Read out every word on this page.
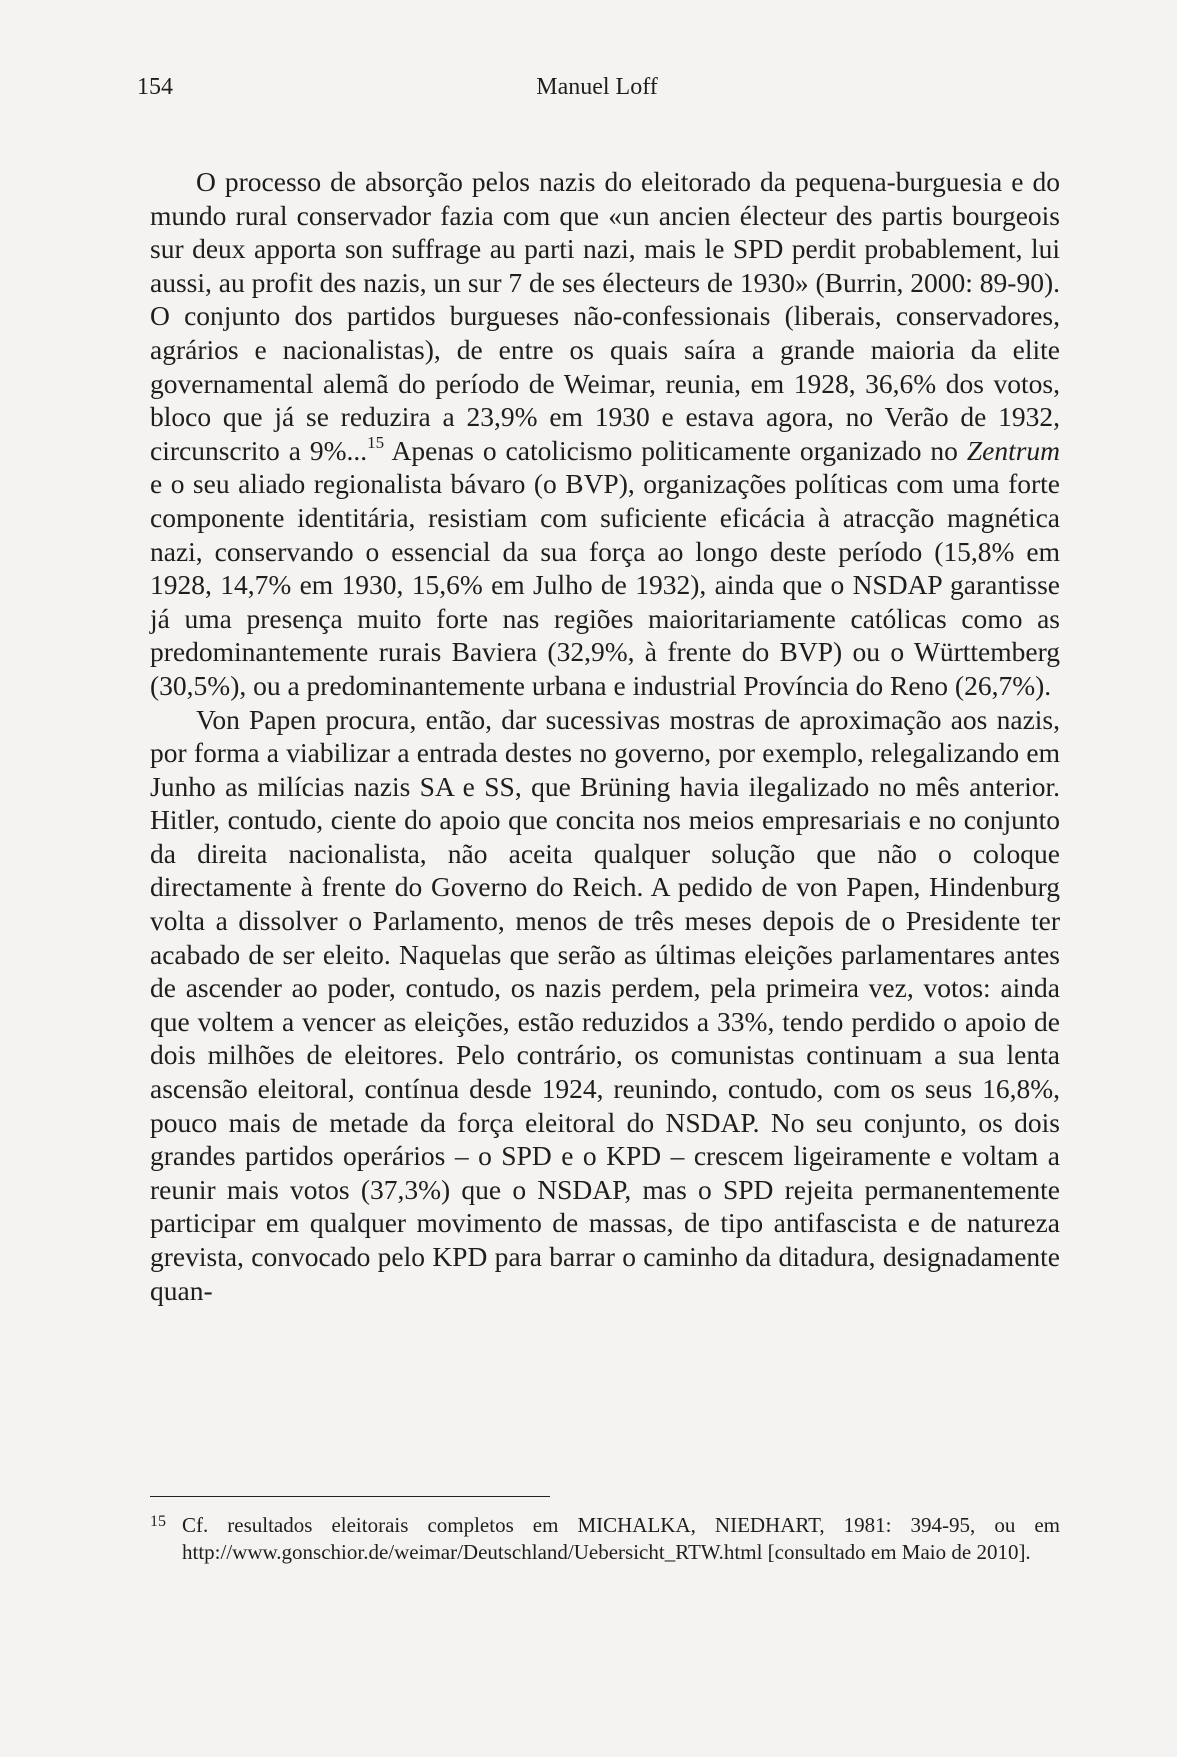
154	Manuel Loff

O processo de absorção pelos nazis do eleitorado da pequena-burguesia e do mundo rural conservador fazia com que «un ancien électeur des partis bourgeois sur deux apporta son suffrage au parti nazi, mais le SPD perdit probablement, lui aussi, au profit des nazis, un sur 7 de ses électeurs de 1930» (Burrin, 2000: 89-90). O conjunto dos partidos burgueses não-confessionais (liberais, conservadores, agrários e nacionalistas), de entre os quais saíra a grande maioria da elite governamental alemã do período de Weimar, reunia, em 1928, 36,6% dos votos, bloco que já se reduzira a 23,9% em 1930 e estava agora, no Verão de 1932, circunscrito a 9%...$^{15}$ Apenas o catolicismo politicamente organizado no Zentrum e o seu aliado regionalista bávaro (o BVP), organizações políticas com uma forte componente identitária, resistiam com suficiente eficácia à atracção magnética nazi, conservando o essencial da sua força ao longo deste período (15,8% em 1928, 14,7% em 1930, 15,6% em Julho de 1932), ainda que o NSDAP garantisse já uma presença muito forte nas regiões maioritariamente católicas como as predominantemente rurais Baviera (32,9%, à frente do BVP) ou o Württemberg (30,5%), ou a predominantemente urbana e industrial Província do Reno (26,7%).

Von Papen procura, então, dar sucessivas mostras de aproximação aos nazis, por forma a viabilizar a entrada destes no governo, por exemplo, relegalizando em Junho as milícias nazis SA e SS, que Brüning havia ilegalizado no mês anterior. Hitler, contudo, ciente do apoio que concita nos meios empresariais e no conjunto da direita nacionalista, não aceita qualquer solução que não o coloque directamente à frente do Governo do Reich. A pedido de von Papen, Hindenburg volta a dissolver o Parlamento, menos de três meses depois de o Presidente ter acabado de ser eleito. Naquelas que serão as últimas eleições parlamentares antes de ascender ao poder, contudo, os nazis perdem, pela primeira vez, votos: ainda que voltem a vencer as eleições, estão reduzidos a 33%, tendo perdido o apoio de dois milhões de eleitores. Pelo contrário, os comunistas continuam a sua lenta ascensão eleitoral, contínua desde 1924, reunindo, contudo, com os seus 16,8%, pouco mais de metade da força eleitoral do NSDAP. No seu conjunto, os dois grandes partidos operários – o SPD e o KPD – crescem ligeiramente e voltam a reunir mais votos (37,3%) que o NSDAP, mas o SPD rejeita permanentemente participar em qualquer movimento de massas, de tipo antifascista e de natureza grevista, convocado pelo KPD para barrar o caminho da ditadura, designadamente quan-

$^{15}$ Cf. resultados eleitorais completos em MICHALKA, NIEDHART, 1981: 394-95, ou em http://www.gonschior.de/weimar/Deutschland/Uebersicht_RTW.html [consultado em Maio de 2010].
